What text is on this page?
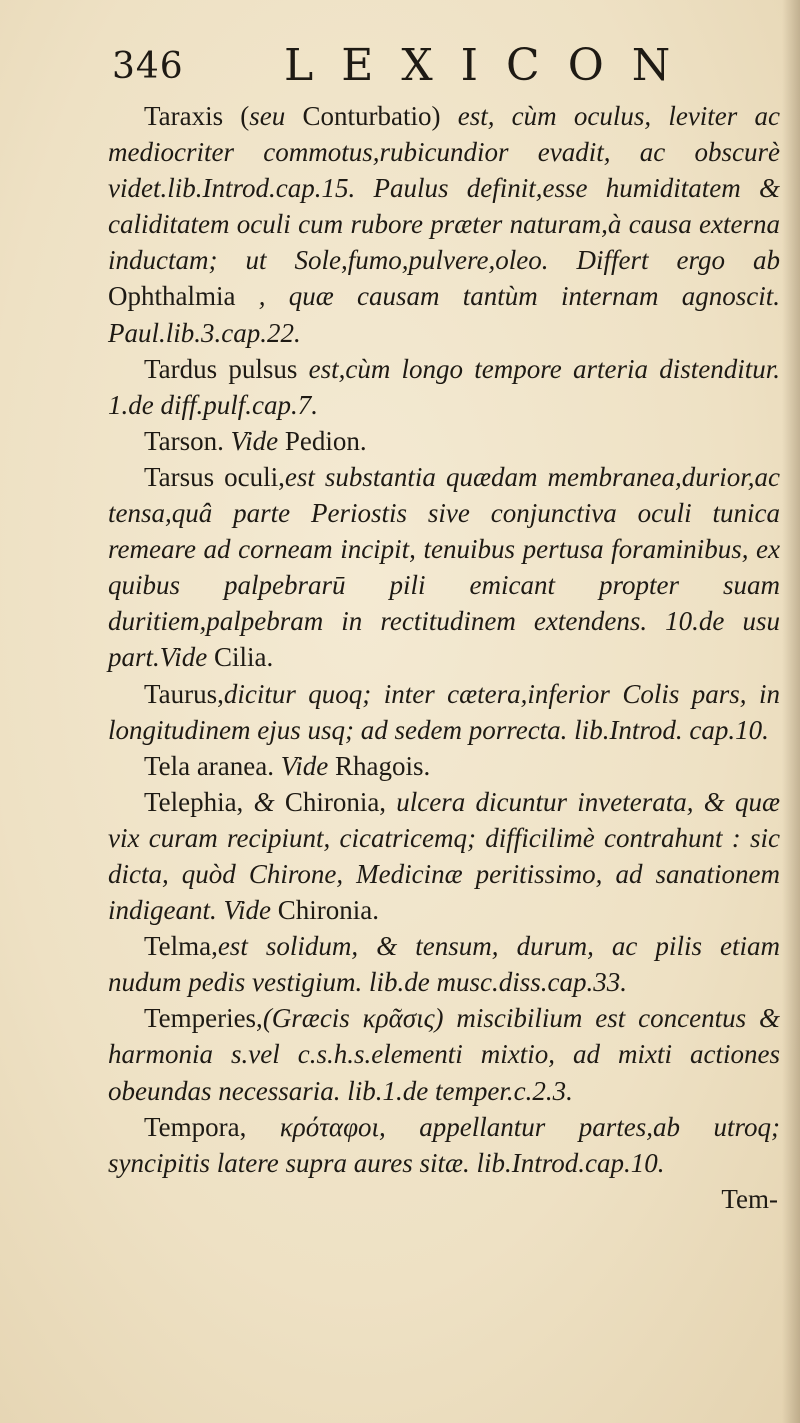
346 LEXICON

Taraxis (seu Conturbatio) est, cùm oculus, leviter ac mediocriter commotus,rubicundior evadit, ac obscurè videt.lib.Introd.cap.15. Paulus definit,esse humiditatem & caliditatem oculi cum rubore præter naturam,à causa externa inductam; ut Sole,fumo,pulvere,oleo. Differt ergo ab Ophthalmia , quæ causam tantùm internam agnoscit. Paul.lib.3.cap.22.

Tardus pulsus est,cùm longo tempore arteria distenditur. 1.de diff.pulf.cap.7.

Tarson. Vide Pedion.

Tarsus oculi,est substantia quædam membranea,durior,ac tensa,quâ parte Periostis sive conjunctiva oculi tunica remeare ad corneam incipit, tenuibus pertusa foraminibus, ex quibus palpebrarū pili emicant propter suam duritiem,palpebram in rectitudinem extendens. 10.de usu part.Vide Cilia.

Taurus,dicitur quoq; inter cætera,inferior Colis pars, in longitudinem ejus usq; ad sedem porrecta. lib.Introd. cap.10.

Tela aranea. Vide Rhagois.

Telephia, & Chironia, ulcera dicuntur inveterata, & quæ vix curam recipiunt, cicatricemq; difficilimè contrahunt : sic dicta, quòd Chirone, Medicinæ peritissimo, ad sanationem indigeant. Vide Chironia.

Telma,est solidum, & tensum, durum, ac pilis etiam nudum pedis vestigium. lib.de musc.diss.cap.33.

Temperies,(Græcis κρᾶσις) miscibilium est concentus & harmonia s.vel c.s.h.s.elementi mixtio, ad mixti actiones obeundas necessaria. lib.1.de temper.c.2.3.

Tempora, κρόταφοι, appellantur partes,ab utroq; syncipitis latere supra aures sitæ. lib.Introd.cap.10.

Tem-
